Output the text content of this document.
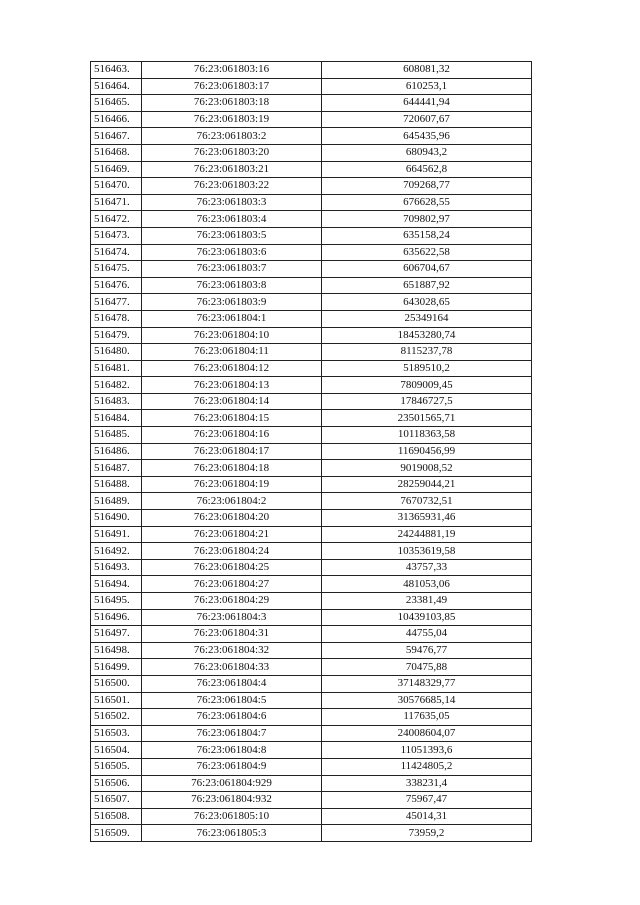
516463.	76:23:061803:16	608081,32
516464.	76:23:061803:17	610253,1
516465.	76:23:061803:18	644441,94
516466.	76:23:061803:19	720607,67
516467.	76:23:061803:2	645435,96
516468.	76:23:061803:20	680943,2
516469.	76:23:061803:21	664562,8
516470.	76:23:061803:22	709268,77
516471.	76:23:061803:3	676628,55
516472.	76:23:061803:4	709802,97
516473.	76:23:061803:5	635158,24
516474.	76:23:061803:6	635622,58
516475.	76:23:061803:7	606704,67
516476.	76:23:061803:8	651887,92
516477.	76:23:061803:9	643028,65
516478.	76:23:061804:1	25349164
516479.	76:23:061804:10	18453280,74
516480.	76:23:061804:11	8115237,78
516481.	76:23:061804:12	5189510,2
516482.	76:23:061804:13	7809009,45
516483.	76:23:061804:14	17846727,5
516484.	76:23:061804:15	23501565,71
516485.	76:23:061804:16	10118363,58
516486.	76:23:061804:17	11690456,99
516487.	76:23:061804:18	9019008,52
516488.	76:23:061804:19	28259044,21
516489.	76:23:061804:2	7670732,51
516490.	76:23:061804:20	31365931,46
516491.	76:23:061804:21	24244881,19
516492.	76:23:061804:24	10353619,58
516493.	76:23:061804:25	43757,33
516494.	76:23:061804:27	481053,06
516495.	76:23:061804:29	23381,49
516496.	76:23:061804:3	10439103,85
516497.	76:23:061804:31	44755,04
516498.	76:23:061804:32	59476,77
516499.	76:23:061804:33	70475,88
516500.	76:23:061804:4	37148329,77
516501.	76:23:061804:5	30576685,14
516502.	76:23:061804:6	117635,05
516503.	76:23:061804:7	24008604,07
516504.	76:23:061804:8	11051393,6
516505.	76:23:061804:9	11424805,2
516506.	76:23:061804:929	338231,4
516507.	76:23:061804:932	75967,47
516508.	76:23:061805:10	45014,31
516509.	76:23:061805:3	73959,2
